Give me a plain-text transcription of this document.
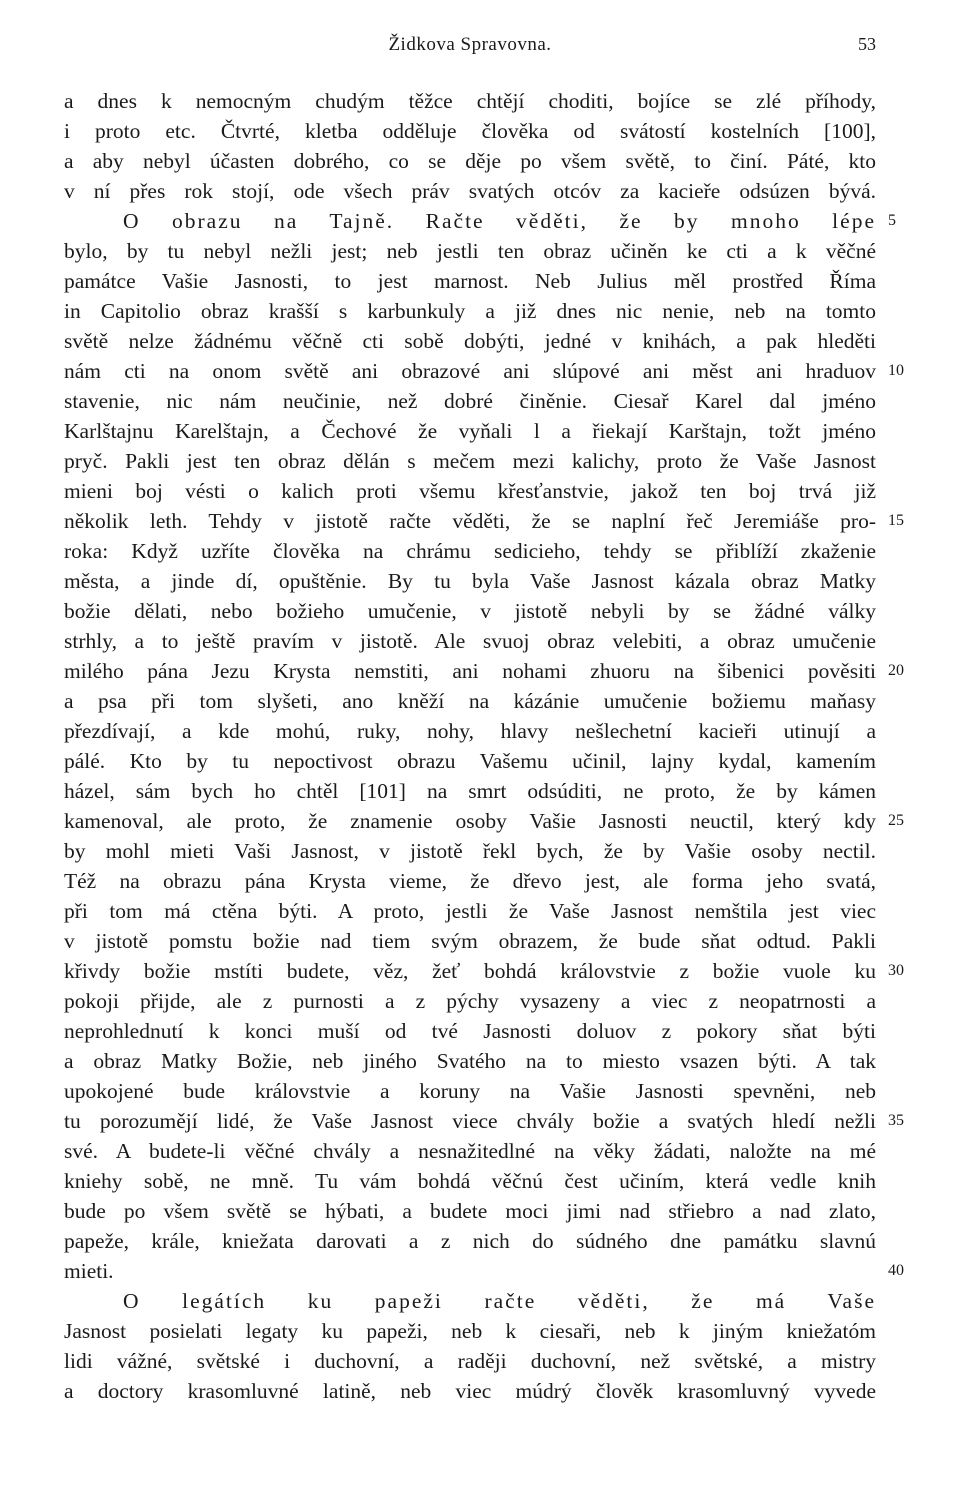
Židkova Spravovna.	53
a dnes k nemocným chudým těžce chtějí choditi, bojíce se zlé příhody,
i proto etc. Čtvrté, kletba odděluje člověka od svátostí kostelních [100],
a aby nebyl účasten dobrého, co se děje po všem světě, to činí. Páté, kto
v ní přes rok stojí, ode všech práv svatých otcóv za kacieře odsúzen bývá.
O obrazu na Tajně. Račte věděti, že by mnoho lépe 5
bylo, by tu nebyl nežli jest; neb jestli ten obraz učiněn ke cti a k věčné
památce Vašie Jasnosti, to jest marnost. Neb Julius měl prostřed Říma
in Capitolio obraz krašší s karbunkuly a již dnes nic nenie, neb na tomto
světě nelze žádnému věčně cti sobě dobýti, jedné v knihách, a pak hleděti
nám cti na onom světě ani obrazové ani slúpové ani měst ani hraduov 10
stavenie, nic nám neučinie, než dobré činěnie. Ciesař Karel dal jméno
Karlštajnu Karelštajn, a Čechové že vyňali l a řiekají Karštajn, tožt jméno
pryč. Pakli jest ten obraz dělán s mečem mezi kalichy, proto že Vaše Jasnost
mieni boj vésti o kalich proti všemu křesťanstvie, jakož ten boj trvá již
několik leth. Tehdy v jistotě račte věděti, že se naplní řeč Jeremiáše pro- 15
roka: Když uzříte člověka na chrámu sedicieho, tehdy se přiblíží zkaženie
města, a jinde dí, opuštěnie. By tu byla Vaše Jasnost kázala obraz Matky
božie dělati, nebo božieho umučenie, v jistotě nebyli by se žádné války
strhly, a to ještě pravím v jistotě. Ale svuoj obraz velebiti, a obraz umučenie
milého pána Jezu Krysta nemstiti, ani nohami zhuoru na šibenici pověsiti 20
a psa při tom slyšeti, ano kněží na kázánie umučenie božiemu maňasy
přezdívají, a kde mohú, ruky, nohy, hlavy nešlechetní kacieři utinují a
pálé. Kto by tu nepoctivost obrazu Vašemu učinil, lajny kydal, kamením
házel, sám bych ho chtěl [101] na smrt odsúditi, ne proto, že by kámen
kamenoval, ale proto, že znamenie osoby Vašie Jasnosti neuctil, který kdy 25
by mohl mieti Vaši Jasnost, v jistotě řekl bych, že by Vašie osoby nectil.
Též na obrazu pána Krysta vieme, že dřevo jest, ale forma jeho svatá,
při tom má ctěna býti. A proto, jestli že Vaše Jasnost nemštila jest viec
v jistotě pomstu božie nad tiem svým obrazem, že bude sňat odtud. Pakli
křivdy božie mstíti budete, věz, žeť bohdá královstvie z božie vuole ku 30
pokoji přijde, ale z purnosti a z pýchy vysazeny a viec z neopatrnosti a
neprohlednutí k konci muší od tvé Jasnosti doluov z pokory sňat býti
a obraz Matky Božie, neb jiného Svatého na to miesto vsazen býti. A tak
upokojené bude královstvie a koruny na Vašie Jasnosti spevněni, neb
tu porozumějí lidé, že Vaše Jasnost viece chvály božie a svatých hledí nežli 35
své. A budete-li věčné chvály a nesnažitedlné na věky žádati, naložte na mé
kniehy sobě, ne mně. Tu vám bohdá věčnú čest učiním, která vedle knih
bude po všem světě se hýbati, a budete moci jimi nad střiebro a nad zlato,
papeže, krále, kniežata darovati a z nich do súdného dne památku slavnú
mieti.	40
O legátích ku papeži račte věděti, že má Vaše
Jasnost posielati legaty ku papeži, neb k ciesaři, neb k jiným kniežatóm
lidi vážné, světské i duchovní, a raději duchovní, než světské, a mistry
a doctory krasomluvné latině, neb viec múdrý člověk krasomluvný vyvede
